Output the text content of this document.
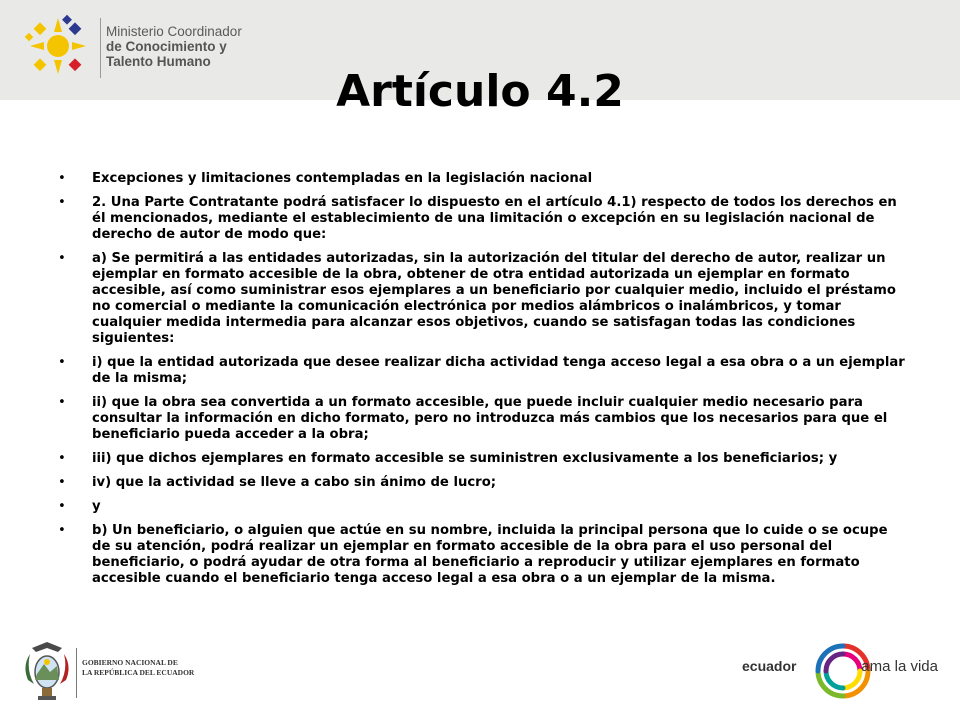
Ministerio Coordinador
de Conocimiento y
Talento Humano
Artículo 4.2
• Excepciones y limitaciones contempladas en la legislación nacional
• 2. Una Parte Contratante podrá satisfacer lo dispuesto en el artículo 4.1) respecto de todos los derechos en él mencionados, mediante el establecimiento de una limitación o excepción en su legislación nacional de derecho de autor de modo que:
• a) Se permitirá a las entidades autorizadas, sin la autorización del titular del derecho de autor, realizar un ejemplar en formato accesible de la obra, obtener de otra entidad autorizada un ejemplar en formato accesible, así como suministrar esos ejemplares a un beneficiario por cualquier medio, incluido el préstamo no comercial o mediante la comunicación electrónica por medios alámbricos o inalámbricos, y tomar cualquier medida intermedia para alcanzar esos objetivos, cuando se satisfagan todas las condiciones siguientes:
• i) que la entidad autorizada que desee realizar dicha actividad tenga acceso legal a esa obra o a un ejemplar de la misma;
• ii) que la obra sea convertida a un formato accesible, que puede incluir cualquier medio necesario para consultar la información en dicho formato, pero no introduzca más cambios que los necesarios para que el beneficiario pueda acceder a la obra;
• iii) que dichos ejemplares en formato accesible se suministren exclusivamente a los beneficiarios; y
• iv) que la actividad se lleve a cabo sin ánimo de lucro;
• y
• b) Un beneficiario, o alguien que actúe en su nombre, incluida la principal persona que lo cuide o se ocupe de su atención, podrá realizar un ejemplar en formato accesible de la obra para el uso personal del beneficiario, o podrá ayudar de otra forma al beneficiario a reproducir y utilizar ejemplares en formato accesible cuando el beneficiario tenga acceso legal a esa obra o a un ejemplar de la misma.
GOBIERNO NACIONAL DE
LA REPÚBLICA DEL ECUADOR	ecuador	ama la vida
